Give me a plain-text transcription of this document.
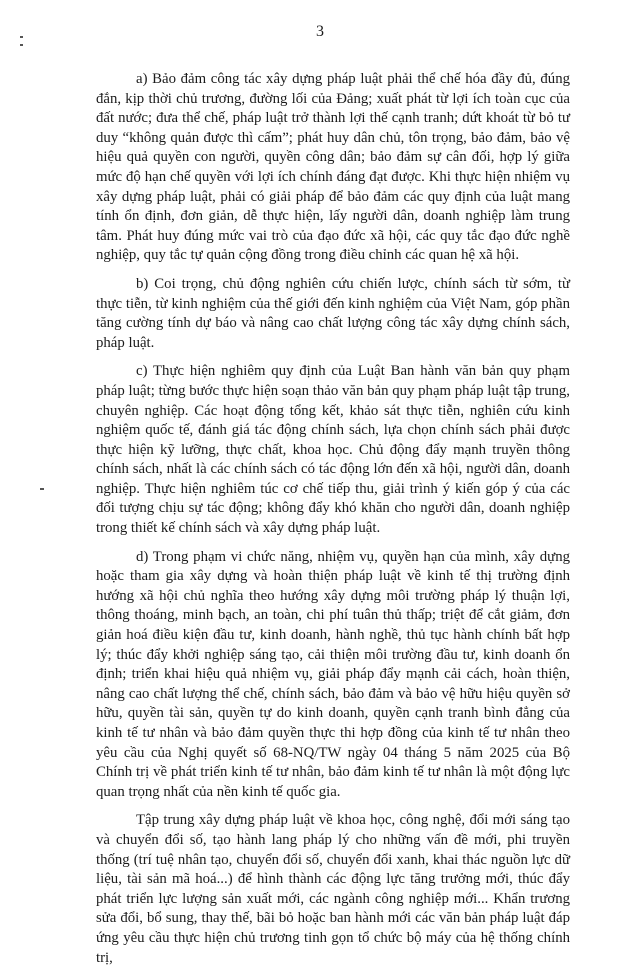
3

a) Bảo đảm công tác xây dựng pháp luật phải thể chế hóa đầy đủ, đúng đắn, kịp thời chủ trương, đường lối của Đảng; xuất phát từ lợi ích toàn cục của đất nước; đưa thể chế, pháp luật trở thành lợi thế cạnh tranh; dứt khoát từ bỏ tư duy “không quản được thì cấm”; phát huy dân chủ, tôn trọng, bảo đảm, bảo vệ hiệu quả quyền con người, quyền công dân; bảo đảm sự cân đối, hợp lý giữa mức độ hạn chế quyền với lợi ích chính đáng đạt được. Khi thực hiện nhiệm vụ xây dựng pháp luật, phải có giải pháp để bảo đảm các quy định của luật mang tính ổn định, đơn giản, dễ thực hiện, lấy người dân, doanh nghiệp làm trung tâm. Phát huy đúng mức vai trò của đạo đức xã hội, các quy tắc đạo đức nghề nghiệp, quy tắc tự quản cộng đồng trong điều chỉnh các quan hệ xã hội.

b) Coi trọng, chủ động nghiên cứu chiến lược, chính sách từ sớm, từ thực tiễn, từ kinh nghiệm của thế giới đến kinh nghiệm của Việt Nam, góp phần tăng cường tính dự báo và nâng cao chất lượng công tác xây dựng chính sách, pháp luật.

c) Thực hiện nghiêm quy định của Luật Ban hành văn bản quy phạm pháp luật; từng bước thực hiện soạn thảo văn bản quy phạm pháp luật tập trung, chuyên nghiệp. Các hoạt động tổng kết, khảo sát thực tiễn, nghiên cứu kinh nghiệm quốc tế, đánh giá tác động chính sách, lựa chọn chính sách phải được thực hiện kỹ lưỡng, thực chất, khoa học. Chủ động đẩy mạnh truyền thông chính sách, nhất là các chính sách có tác động lớn đến xã hội, người dân, doanh nghiệp. Thực hiện nghiêm túc cơ chế tiếp thu, giải trình ý kiến góp ý của các đối tượng chịu sự tác động; không đẩy khó khăn cho người dân, doanh nghiệp trong thiết kế chính sách và xây dựng pháp luật.

d) Trong phạm vi chức năng, nhiệm vụ, quyền hạn của mình, xây dựng hoặc tham gia xây dựng và hoàn thiện pháp luật về kinh tế thị trường định hướng xã hội chủ nghĩa theo hướng xây dựng môi trường pháp lý thuận lợi, thông thoáng, minh bạch, an toàn, chi phí tuân thủ thấp; triệt để cắt giảm, đơn giản hoá điều kiện đầu tư, kinh doanh, hành nghề, thủ tục hành chính bất hợp lý; thúc đẩy khởi nghiệp sáng tạo, cải thiện môi trường đầu tư, kinh doanh ổn định; triển khai hiệu quả nhiệm vụ, giải pháp đẩy mạnh cải cách, hoàn thiện, nâng cao chất lượng thể chế, chính sách, bảo đảm và bảo vệ hữu hiệu quyền sở hữu, quyền tài sản, quyền tự do kinh doanh, quyền cạnh tranh bình đẳng của kinh tế tư nhân và bảo đảm quyền thực thi hợp đồng của kinh tế tư nhân theo yêu cầu của Nghị quyết số 68-NQ/TW ngày 04 tháng 5 năm 2025 của Bộ Chính trị về phát triển kinh tế tư nhân, bảo đảm kinh tế tư nhân là một động lực quan trọng nhất của nền kinh tế quốc gia.

Tập trung xây dựng pháp luật về khoa học, công nghệ, đổi mới sáng tạo và chuyển đổi số, tạo hành lang pháp lý cho những vấn đề mới, phi truyền thống (trí tuệ nhân tạo, chuyển đổi số, chuyển đổi xanh, khai thác nguồn lực dữ liệu, tài sản mã hoá...) để hình thành các động lực tăng trưởng mới, thúc đẩy phát triển lực lượng sản xuất mới, các ngành công nghiệp mới... Khẩn trương sửa đổi, bổ sung, thay thế, bãi bỏ hoặc ban hành mới các văn bản pháp luật đáp ứng yêu cầu thực hiện chủ trương tinh gọn tổ chức bộ máy của hệ thống chính trị,
